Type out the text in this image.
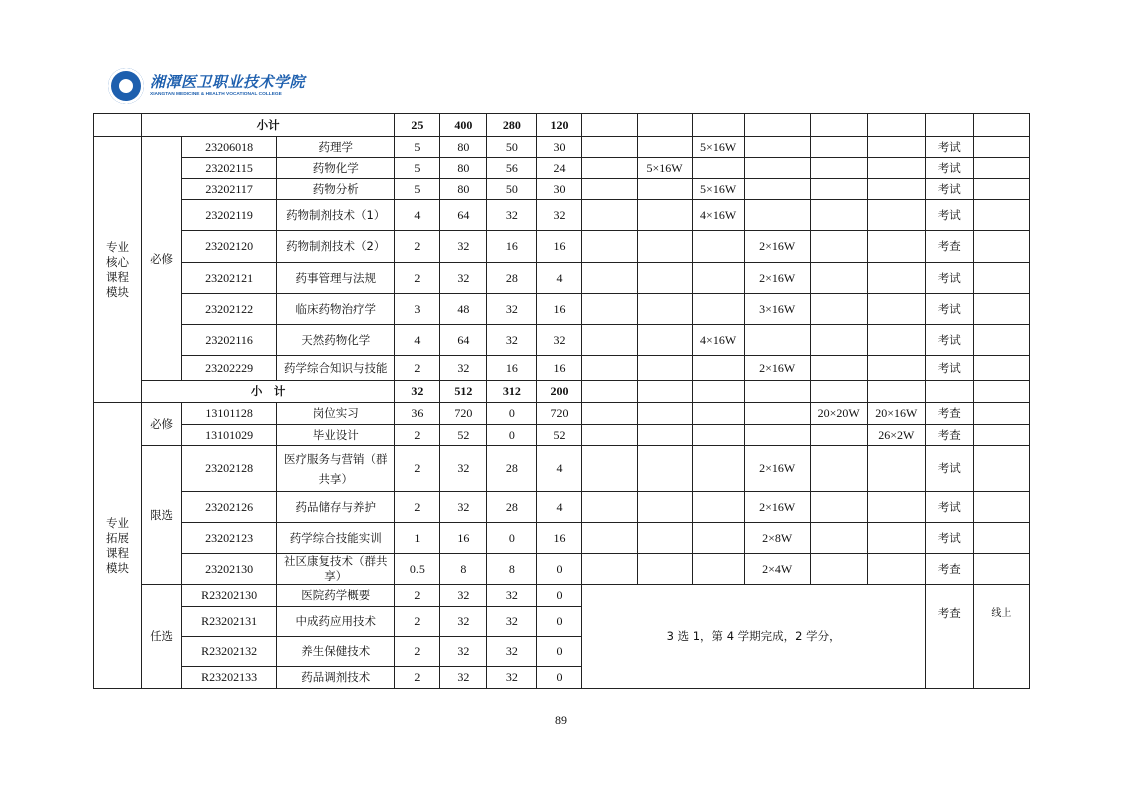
湘潭医卫职业技术学院
XIANGTAN MEDICINE & HEALTH VOCATIONAL COLLEGE
	小计			25	400	280	120								
专业
核心
课程
模块	必修	23206018	药理学	5	80	50	30			5×16W				考试	
		23202115	药物化学	5	80	56	24		5×16W					考试	
		23202117	药物分析	5	80	50	30			5×16W				考试	
		23202119	药物制剂技术（1）	4	64	32	32			4×16W				考试	
		23202120	药物制剂技术（2）	2	32	16	16				2×16W			考查	
		23202121	药事管理与法规	2	32	28	4				2×16W			考试	
		23202122	临床药物治疗学	3	48	32	16				3×16W			考试	
		23202116	天然药物化学	4	64	32	32			4×16W				考试	
		23202229	药学综合知识与技能	2	32	16	16				2×16W			考试	
	小　计			32	512	312	200								
专业
拓展
课程
模块	必修	13101128	岗位实习	36	720	0	720					20×20W	20×16W	考查	
		13101029	毕业设计	2	52	0	52						26×2W	考查	
	限选	23202128	医疗服务与营销（群共享）	2	32	28	4				2×16W			考试	
		23202126	药品储存与养护	2	32	28	4				2×16W			考试	
		23202123	药学综合技能实训	1	16	0	16				2×8W			考试	
		23202130	社区康复技术（群共享）	0.5	8	8	0				2×4W			考查	
	任选	R23202130	医院药学概要	2	32	32	0	3 选 1，第 4 学期完成，2 学分，						考查	线上
		R23202131	中成药应用技术	2	32	32	0								
		R23202132	养生保健技术	2	32	32	0								
		R23202133	药品调剂技术	2	32	32	0								
89
